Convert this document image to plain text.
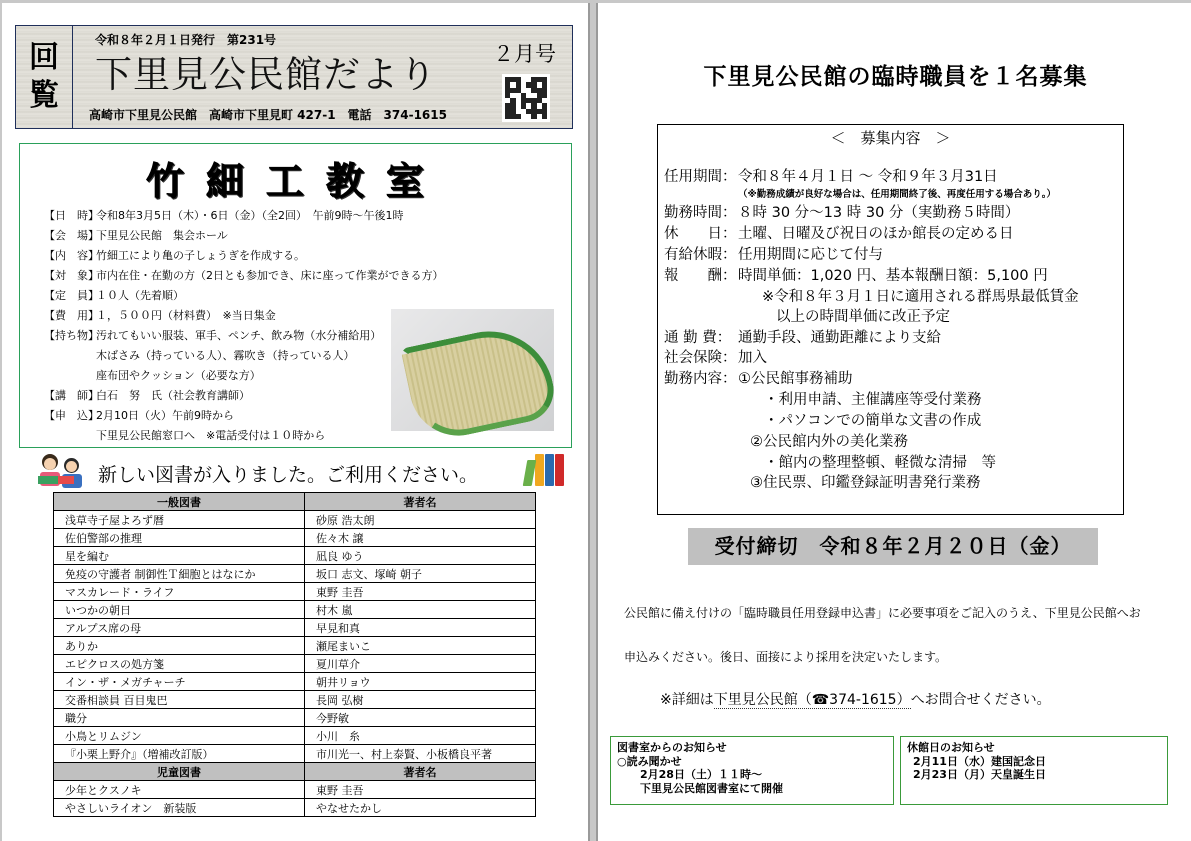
回
覧
令和８年２月１日発行　第231号
下里見公民館だより
高崎市下里見公民館　高崎市下里見町 427-1　電話　374-1615
２月号
竹細工教室
【日　時】
令和8年3月5日（木）・6日（金）（全2回）　午前9時～午後1時
【会　場】
下里見公民館　集会ホール
【内　容】
竹細工により亀の子しょうぎを作成する。
【対　象】
市内在住・在勤の方（2日とも参加でき、床に座って作業ができる方）
【定　員】
１０人（先着順）
【費　用】
１，５００円（材料費）　※当日集金
【持ち物】
汚れてもいい服装、軍手、ペンチ、飲み物（水分補給用）
木ばさみ（持っている人）、霧吹き（持っている人）
座布団やクッション（必要な方）
【講　師】
白石　努　氏（社会教育講師）
【申　込】
2月10日（火）午前9時から
下里見公民館窓口へ　※電話受付は１０時から
新しい図書が入りました。ご利用ください。
一般図書	著者名
浅草寺子屋よろず暦	砂原 浩太朗
佐伯警部の推理	佐々木 譲
星を編む	凪良 ゆう
免疫の守護者 制御性Ｔ細胞とはなにか	坂口 志文、塚崎 朝子
マスカレード・ライフ	東野 圭吾
いつかの朝日	村木 嵐
アルプス席の母	早見和真
ありか	瀬尾まいこ
エピクロスの処方箋	夏川草介
イン・ザ・メガチャーチ	朝井リョウ
交番相談員 百目鬼巴	長岡 弘樹
職分	今野敏
小鳥とリムジン	小川　糸
『小栗上野介』（増補改訂版）	市川光一、村上泰賢、小板橋良平著
児童図書	著者名
少年とクスノキ	東野 圭吾
やさしいライオン　新装版	やなせたかし
下里見公民館の臨時職員を１名募集
＜　募集内容　＞
任用期間： 令和８年４月１日 ～ 令和９年３月31日
（※勤務成績が良好な場合は、任用期間終了後、再度任用する場合あり。）
勤務時間： ８時 30 分～13 時 30 分（実勤務５時間）
休　　日： 土曜、日曜及び祝日のほか館長の定める日
有給休暇： 任用期間に応じて付与
報　　酬： 時間単価：1,020 円、基本報酬日額：5,100 円
※令和８年３月１日に適用される群馬県最低賃金
以上の時間単価に改正予定
通 勤 費： 通勤手段、通勤距離により支給
社会保険： 加入
勤務内容： ①公民館事務補助
・利用申請、主催講座等受付業務
・パソコンでの簡単な文書の作成
②公民館内外の美化業務
・館内の整理整頓、軽微な清掃　等
③住民票、印鑑登録証明書発行業務
受付締切　令和８年２月２０日（金）
公民館に備え付けの「臨時職員任用登録申込書」に必要事項をご記入のうえ、下里見公民館へお申込みください。後日、面接により採用を決定いたします。
※詳細は下里見公民館（☎374-1615）へお問合せください。
図書室からのお知らせ
○読み聞かせ
　2月28日（土）１１時～
　下里見公民館図書室にて開催
休館日のお知らせ
2月11日（水）建国記念日
2月23日（月）天皇誕生日
